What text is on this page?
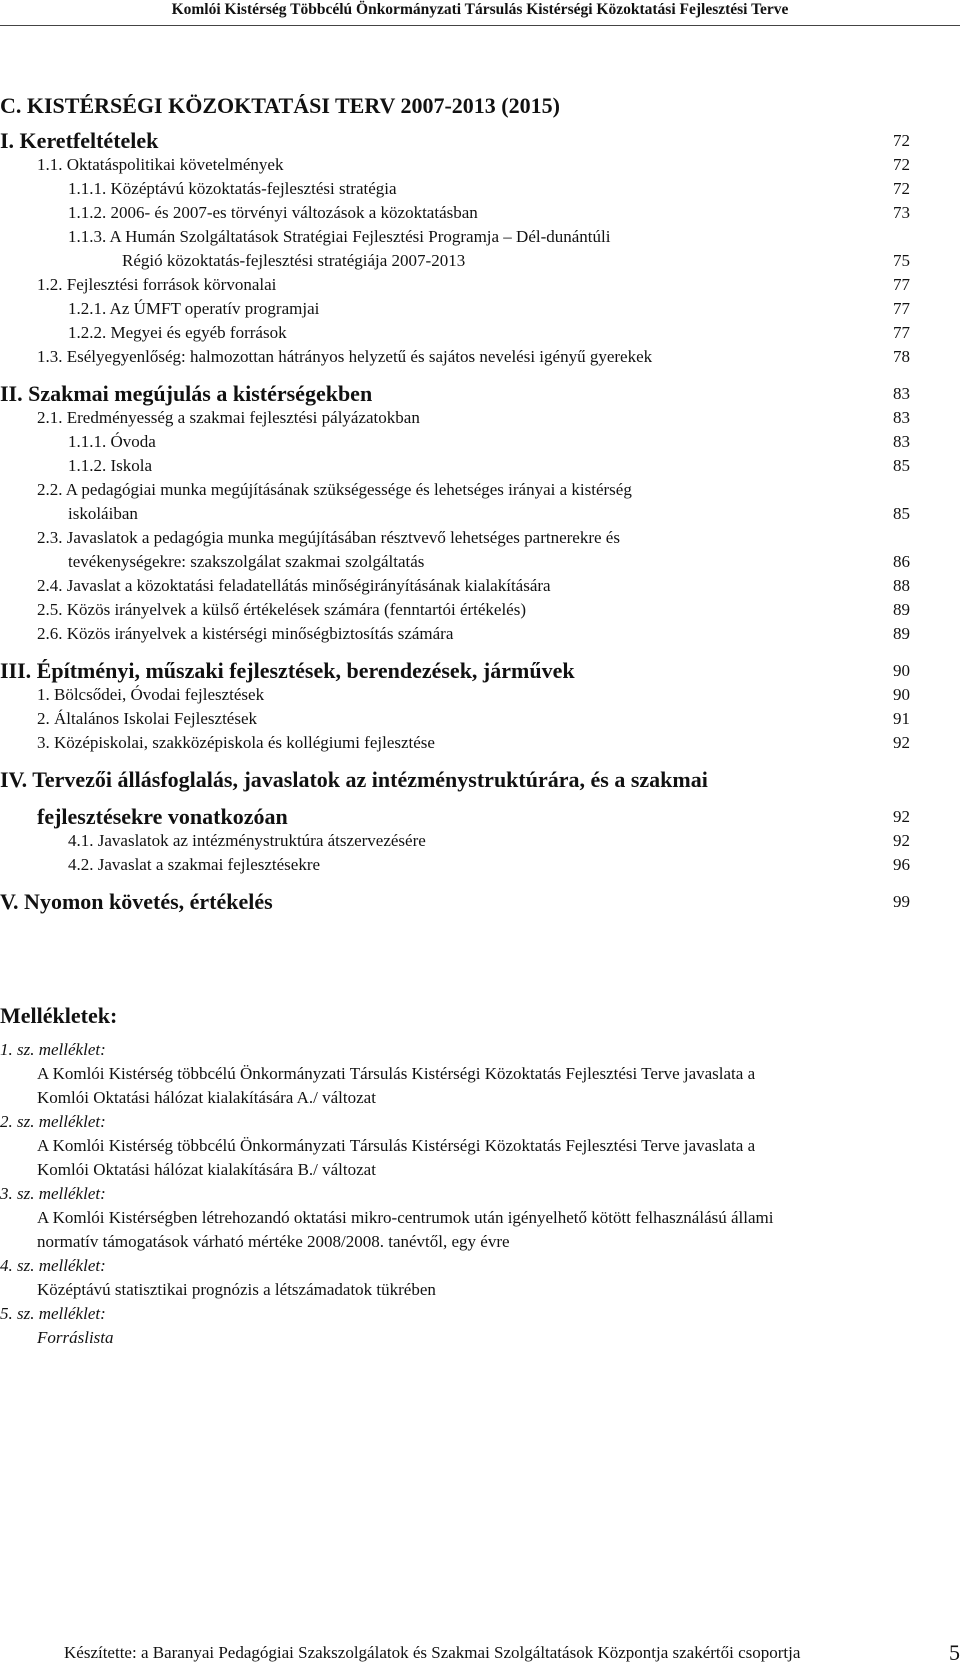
Komlói Kistérség Többcélú Önkormányzati Társulás Kistérségi Közoktatási Fejlesztési Terve
C. KISTÉRSÉGI KÖZOKTATÁSI TERV 2007-2013 (2015)
I. Keretfeltételek	72
1.1. Oktatáspolitikai követelmények	72
1.1.1. Középtávú közoktatás-fejlesztési stratégia	72
1.1.2. 2006- és 2007-es törvényi változások a közoktatásban	73
1.1.3. A Humán Szolgáltatások Stratégiai Fejlesztési Programja – Dél-dunántúli
Régió közoktatás-fejlesztési stratégiája 2007-2013	75
1.2. Fejlesztési források körvonalai	77
1.2.1. Az ÚMFT operatív programjai	77
1.2.2. Megyei és egyéb források	77
1.3. Esélyegyenlőség: halmozottan hátrányos helyzetű és sajátos nevelési igényű gyerekek	78
II. Szakmai megújulás a kistérségekben	83
2.1. Eredményesség a szakmai fejlesztési pályázatokban	83
1.1.1. Óvoda	83
1.1.2. Iskola	85
2.2. A pedagógiai munka megújításának szükségessége és lehetséges irányai a kistérség
iskoláiban	85
2.3. Javaslatok a pedagógia munka megújításában résztvevő lehetséges partnerekre és
tevékenységekre: szakszolgálat szakmai szolgáltatás	86
2.4. Javaslat a közoktatási feladatellátás minőségirányításának kialakítására	88
2.5. Közös irányelvek a külső értékelések számára (fenntartói értékelés)	89
2.6. Közös irányelvek a kistérségi minőségbiztosítás számára	89
III. Építményi, műszaki fejlesztések, berendezések, járművek	90
1. Bölcsődei, Óvodai fejlesztések	90
2. Általános Iskolai Fejlesztések	91
3. Középiskolai, szakközépiskola és kollégiumi fejlesztése	92
IV. Tervezői állásfoglalás, javaslatok az intézménystruktúrára, és a szakmai
fejlesztésekre vonatkozóan	92
4.1. Javaslatok az intézménystruktúra átszervezésére	92
4.2. Javaslat a szakmai fejlesztésekre	96
V. Nyomon követés, értékelés	99
Mellékletek:
1. sz. melléklet:
A Komlói Kistérség többcélú Önkormányzati Társulás Kistérségi Közoktatás Fejlesztési Terve javaslata a
Komlói Oktatási hálózat kialakítására A./ változat
2. sz. melléklet:
A Komlói Kistérség többcélú Önkormányzati Társulás Kistérségi Közoktatás Fejlesztési Terve javaslata a
Komlói Oktatási hálózat kialakítására B./ változat
3. sz. melléklet:
A Komlói Kistérségben létrehozandó oktatási mikro-centrumok után igényelhető kötött felhasználású állami
normatív támogatások várható mértéke 2008/2008. tanévtől, egy évre
4. sz. melléklet:
Középtávú statisztikai prognózis a létszámadatok tükrében
5. sz. melléklet:
Forráslista
Készítette: a Baranyai Pedagógiai Szakszolgálatok és Szakmai Szolgáltatások Központja szakértői csoportja	5
